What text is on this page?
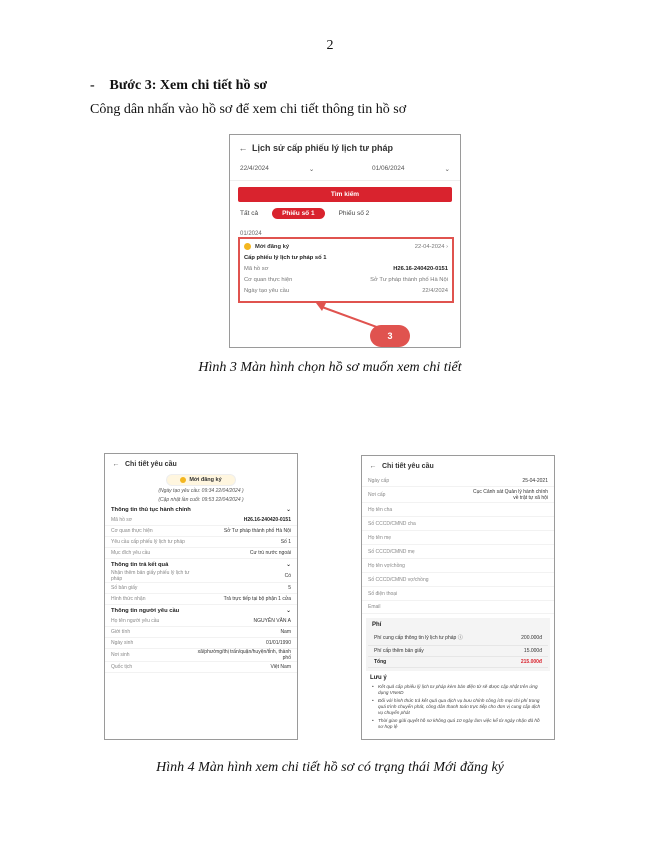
2
- Bước 3: Xem chi tiết hồ sơ
Công dân nhấn vào hồ sơ để xem chi tiết thông tin hồ sơ
← Lịch sử cấp phiếu lý lịch tư pháp
22/4/2024	⌄	01/06/2024	⌄
Tìm kiếm
Tất cả	Phiếu số 1	Phiếu số 2
01/2024
Mới đăng ký	22-04-2024 ›
Cấp phiếu lý lịch tư pháp số 1
Mã hồ sơ	H26.16-240420-0151
Cơ quan thực hiện	Sở Tư pháp thành phố Hà Nội
Ngày tạo yêu cầu	22/4/2024
3
Hình 3 Màn hình chọn hồ sơ muốn xem chi tiết
← Chi tiết yêu cầu
Mới đăng ký
(Ngày tạo yêu cầu: 09:34 22/04/2024 )
(Cập nhật lần cuối: 09:53 22/04/2024 )
Thông tin thủ tục hành chính	⌄
Mã hồ sơ	H26.16-240420-0151
Cơ quan thực hiện	Sở Tư pháp thành phố Hà Nội
Yêu cầu cấp phiếu lý lịch tư pháp	Số 1
Mục đích yêu cầu	Cư trú nước ngoài
Thông tin trả kết quả	⌄
Nhận thêm bản giấy phiếu lý lịch tư pháp	Có
Số bản giấy	5
Hình thức nhận	Trả trực tiếp tại bộ phận 1 cửa
Thông tin người yêu cầu	⌄
Họ tên người yêu cầu	NGUYỄN VĂN A
Giới tính	Nam
Ngày sinh	01/01/1990
Nơi sinh	xã/phường/thị trấn/quận/huyện/tỉnh, thành phố
Quốc tịch	Việt Nam
← Chi tiết yêu cầu
Ngày cấp	25-04-2021
Nơi cấp	Cục Cảnh sát Quản lý hành chính về trật tự xã hội
Họ tên cha
Số CCCD/CMND cha
Họ tên mẹ
Số CCCD/CMND mẹ
Họ tên vợ/chồng
Số CCCD/CMND vợ/chồng
Số điện thoại
Email
Phí
Phí cung cấp thông tin lý lịch tư pháp ⓘ	200.000đ
Phí cấp thêm bản giấy	15.000đ
Tổng	215.000đ
Lưu ý
• Kết quả cấp phiếu lý lịch tư pháp kèm bản điện tử sẽ được cập nhật trên ứng dụng VNeID
• Đối với hình thức trả kết quả qua dịch vụ bưu chính công ích mọi chi phí trong quá trình chuyển phát, công dân thanh toán trực tiếp cho đơn vị cung cấp dịch vụ chuyển phát
• Thời gian giải quyết hồ sơ không quá 10 ngày làm việc kể từ ngày nhận đủ hồ sơ hợp lệ
Hình 4 Màn hình xem chi tiết hồ sơ có trạng thái Mới đăng ký
